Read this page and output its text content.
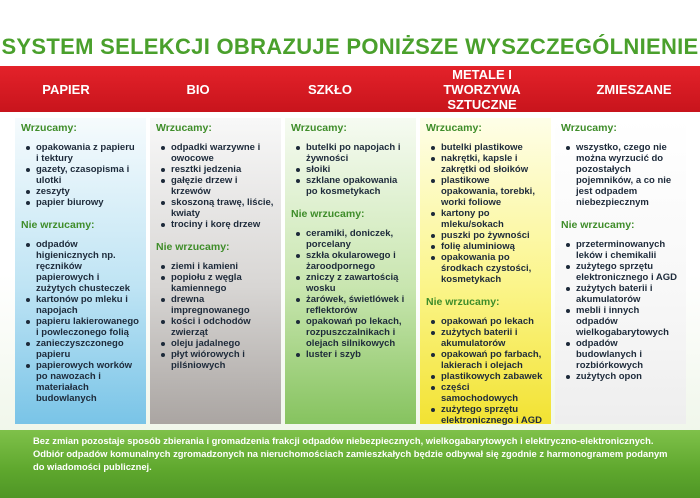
SYSTEM SELEKCJI OBRAZUJE PONIŻSZE WYSZCZEGÓLNIENIE
PAPIER	BIO	SZKŁO
METALE I TWORZYWA SZTUCZNE
ZMIESZANE
Wrzucamy:
opakowania z papieru i tektury
gazety, czasopisma i ulotki
zeszyty
papier biurowy
Nie wrzucamy:
odpadów higienicznych np. ręczników papierowych i zużytych chusteczek
kartonów po mleku i napojach
papieru lakierowanego i powleczonego folią
zanieczyszczonego papieru
papierowych worków po nawozach i materiałach budowlanych
Wrzucamy:
odpadki warzywne i owocowe
resztki jedzenia
gałęzie drzew i krzewów
skoszoną trawę, liście, kwiaty
trociny i korę drzew
Nie wrzucamy:
ziemi i kamieni
popiołu z węgla kamiennego
drewna impregnowanego
kości i odchodów zwierząt
oleju jadalnego
płyt wiórowych i pilśniowych
Wrzucamy:
butelki po napojach i żywności
słoiki
szklane opakowania po kosmetykach
Nie wrzucamy:
ceramiki, doniczek, porcelany
szkła okularowego i żaroodpornego
zniczy z zawartością wosku
żarówek, świetlówek i reflektorów
opakowań po lekach, rozpuszczalnikach i olejach silnikowych
luster i szyb
Wrzucamy:
butelki plastikowe
nakrętki, kapsle i zakrętki od słoików
plastikowe opakowania, torebki, worki foliowe
kartony po mleku/sokach
puszki po żywności
folię aluminiową
opakowania po środkach czystości, kosmetykach
Nie wrzucamy:
opakowań po lekach
zużytych baterii i akumulatorów
opakowań po farbach, lakierach i olejach
plastikowych zabawek
części samochodowych
zużytego sprzętu elektronicznego i AGD
Wrzucamy:
wszystko, czego nie można wyrzucić do pozostałych pojemników, a co nie jest odpadem niebezpiecznym
Nie wrzucamy:
przeterminowanych leków i chemikalii
zużytego sprzętu elektronicznego i AGD
zużytych baterii i akumulatorów
mebli i innych odpadów wielkogabarytowych
odpadów budowlanych i rozbiórkowych
zużytych opon
Bez zmian pozostaje sposób zbierania i gromadzenia frakcji odpadów niebezpiecznych, wielkogabarytowych i elektryczno-elektronicznych.
Odbiór odpadów komunalnych zgromadzonych na nieruchomościach zamieszkałych będzie odbywał się zgodnie z harmonogramem podanym do wiadomości publicznej.
